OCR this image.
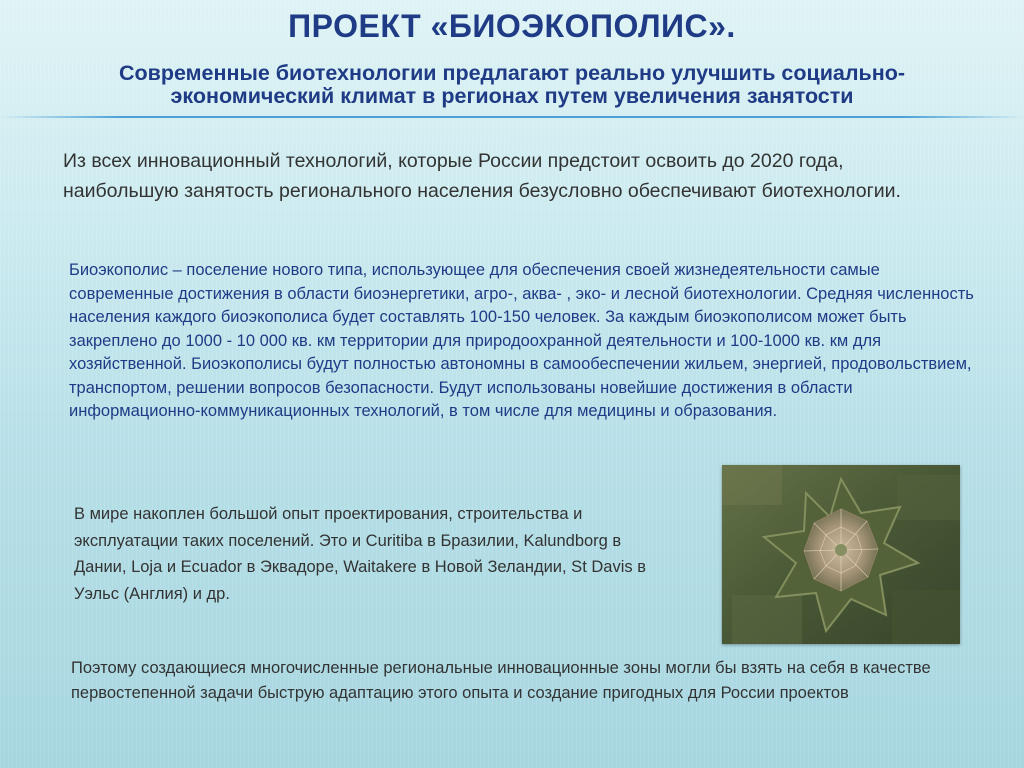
ПРОЕКТ «БИОЭКОПОЛИС».
Современные биотехнологии предлагают реально улучшить социально-экономический климат в регионах путем увеличения занятости
Из всех инновационный технологий, которые России предстоит освоить до 2020 года, наибольшую занятость регионального населения безусловно обеспечивают биотехнологии.
Биоэкополис – поселение нового типа, использующее для обеспечения своей жизнедеятельности самые современные достижения в области биоэнергетики, агро-, аква- , эко- и лесной биотехнологии. Средняя численность населения каждого биоэкополиса будет составлять 100-150 человек. За каждым биоэкополисом может быть закреплено до 1000 - 10 000 кв. км территории для природоохранной деятельности и 100-1000 кв. км для хозяйственной. Биоэкополисы будут полностью автономны в самообеспечении жильем, энергией, продовольствием, транспортом, решении вопросов безопасности. Будут использованы новейшие достижения в области информационно-коммуникационных технологий, в том числе для медицины и образования.
В мире накоплен большой опыт проектирования, строительства и эксплуатации таких поселений. Это и Curitiba в Бразилии, Kalundborg в Дании, Loja и Ecuador в Эквадоре, Waitakere в Новой Зеландии, St Davis в Уэльс (Англия) и др.
Поэтому создающиеся многочисленные региональные инновационные зоны могли бы взять на себя в качестве первостепенной задачи быструю адаптацию этого опыта и создание пригодных для России проектов
